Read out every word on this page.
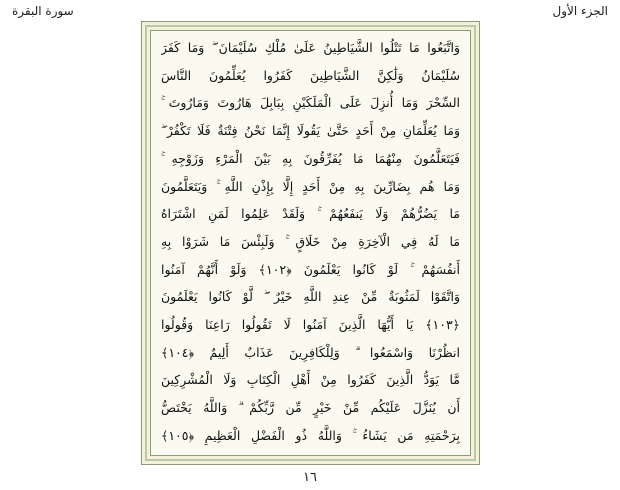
سورة البقرة	الجزء الأول
وَاتَّبَعُوا مَا تَتْلُوا الشَّيَاطِينُ عَلَىٰ مُلْكِ سُلَيْمَانَ ۖ وَمَا كَفَرَ
سُلَيْمَانُ وَلَٰكِنَّ الشَّيَاطِينَ كَفَرُوا يُعَلِّمُونَ النَّاسَ
السِّحْرَ وَمَا أُنزِلَ عَلَى الْمَلَكَيْنِ بِبَابِلَ هَارُوتَ وَمَارُوتَ ۚ
وَمَا يُعَلِّمَانِ مِنْ أَحَدٍ حَتَّىٰ يَقُولَا إِنَّمَا نَحْنُ فِتْنَةٌ فَلَا تَكْفُرْ ۖ
فَيَتَعَلَّمُونَ مِنْهُمَا مَا يُفَرِّقُونَ بِهِ بَيْنَ الْمَرْءِ وَزَوْجِهِ ۚ
وَمَا هُم بِضَارِّينَ بِهِ مِنْ أَحَدٍ إِلَّا بِإِذْنِ اللَّهِ ۚ وَيَتَعَلَّمُونَ
مَا يَضُرُّهُمْ وَلَا يَنفَعُهُمْ ۚ وَلَقَدْ عَلِمُوا لَمَنِ اشْتَرَاهُ
مَا لَهُ فِي الْآخِرَةِ مِنْ خَلَاقٍ ۚ وَلَبِئْسَ مَا شَرَوْا بِهِ
أَنفُسَهُمْ ۚ لَوْ كَانُوا يَعْلَمُونَ ﴿١٠٢﴾ وَلَوْ أَنَّهُمْ آمَنُوا
وَاتَّقَوْا لَمَثُوبَةٌ مِّنْ عِندِ اللَّهِ خَيْرٌ ۖ لَّوْ كَانُوا يَعْلَمُونَ
﴿١٠٣﴾ يَا أَيُّهَا الَّذِينَ آمَنُوا لَا تَقُولُوا رَاعِنَا وَقُولُوا
انظُرْنَا وَاسْمَعُوا ۗ وَلِلْكَافِرِينَ عَذَابٌ أَلِيمٌ ﴿١٠٤﴾
مَّا يَوَدُّ الَّذِينَ كَفَرُوا مِنْ أَهْلِ الْكِتَابِ وَلَا الْمُشْرِكِينَ
أَن يُنَزَّلَ عَلَيْكُم مِّنْ خَيْرٍ مِّن رَّبِّكُمْ ۗ وَاللَّهُ يَخْتَصُّ
بِرَحْمَتِهِ مَن يَشَاءُ ۚ وَاللَّهُ ذُو الْفَضْلِ الْعَظِيمِ ﴿١٠٥﴾
١٦
